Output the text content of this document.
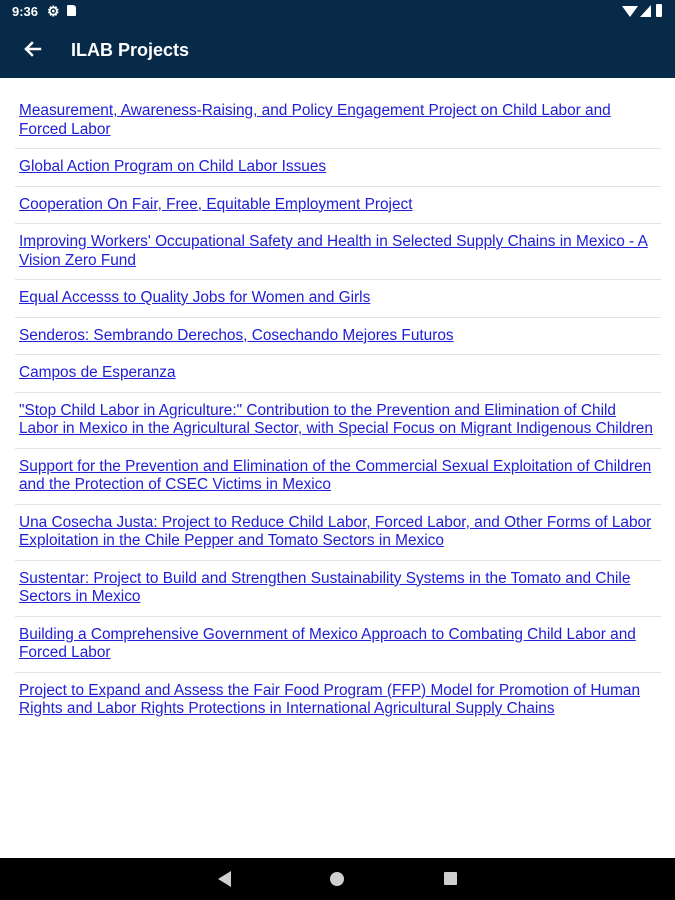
9:36 ⚙
ILAB Projects
Measurement, Awareness-Raising, and Policy Engagement Project on Child Labor and Forced Labor
Global Action Program on Child Labor Issues
Cooperation On Fair, Free, Equitable Employment Project
Improving Workers' Occupational Safety and Health in Selected Supply Chains in Mexico - A Vision Zero Fund
Equal Accesss to Quality Jobs for Women and Girls
Senderos: Sembrando Derechos, Cosechando Mejores Futuros
Campos de Esperanza
"Stop Child Labor in Agriculture:" Contribution to the Prevention and Elimination of Child Labor in Mexico in the Agricultural Sector, with Special Focus on Migrant Indigenous Children
Support for the Prevention and Elimination of the Commercial Sexual Exploitation of Children and the Protection of CSEC Victims in Mexico
Una Cosecha Justa: Project to Reduce Child Labor, Forced Labor, and Other Forms of Labor Exploitation in the Chile Pepper and Tomato Sectors in Mexico
Sustentar: Project to Build and Strengthen Sustainability Systems in the Tomato and Chile Sectors in Mexico
Building a Comprehensive Government of Mexico Approach to Combating Child Labor and Forced Labor
Project to Expand and Assess the Fair Food Program (FFP) Model for Promotion of Human Rights and Labor Rights Protections in International Agricultural Supply Chains
